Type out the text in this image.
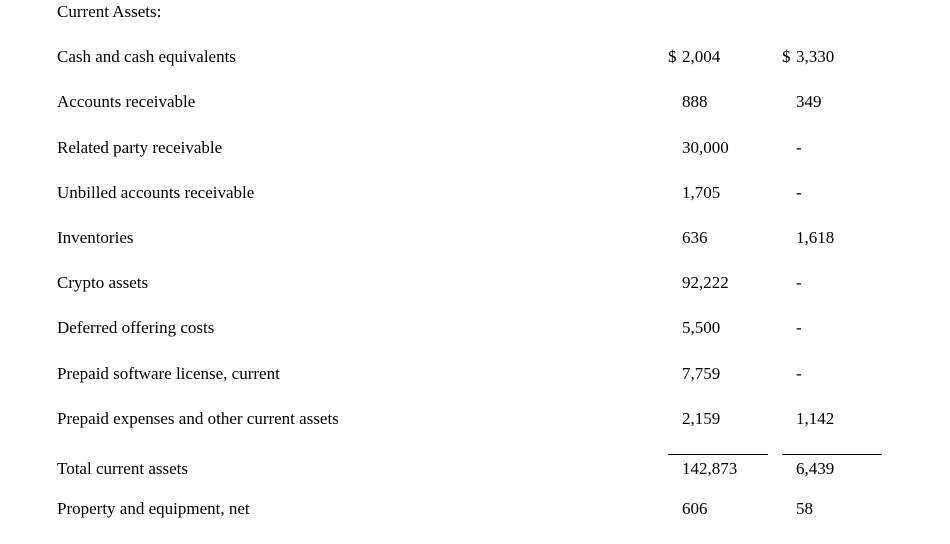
Current Assets:
Cash and cash equivalents	$ 2,004	$ 3,330
Accounts receivable	888	349
Related party receivable	30,000	-
Unbilled accounts receivable	1,705	-
Inventories	636	1,618
Crypto assets	92,222	-
Deferred offering costs	5,500	-
Prepaid software license, current	7,759	-
Prepaid expenses and other current assets	2,159	1,142
Total current assets	142,873	6,439
Property and equipment, net	606	58
